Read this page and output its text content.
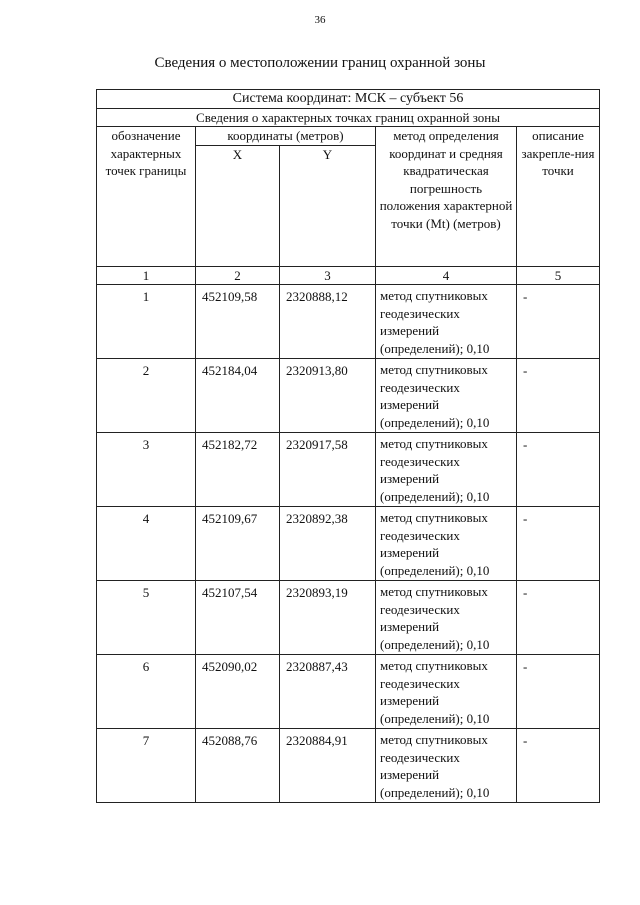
36
Сведения о местоположении границ охранной зоны
Система координат: МСК – субъект 56				
Сведения о характерных точках границ охранной зоны				
обозначение характерных точек границы	координаты (метров)		метод определения координат и средняя квадратическая погрешность положения характерной точки (Mt) (метров)	описание закрепле-ния точки
	X	Y		
1	2	3	4	5
1	452109,58	2320888,12	метод спутниковых геодезических измерений (определений); 0,10	-
2	452184,04	2320913,80	метод спутниковых геодезических измерений (определений); 0,10	-
3	452182,72	2320917,58	метод спутниковых геодезических измерений (определений); 0,10	-
4	452109,67	2320892,38	метод спутниковых геодезических измерений (определений); 0,10	-
5	452107,54	2320893,19	метод спутниковых геодезических измерений (определений); 0,10	-
6	452090,02	2320887,43	метод спутниковых геодезических измерений (определений); 0,10	-
7	452088,76	2320884,91	метод спутниковых геодезических измерений (определений); 0,10	-
